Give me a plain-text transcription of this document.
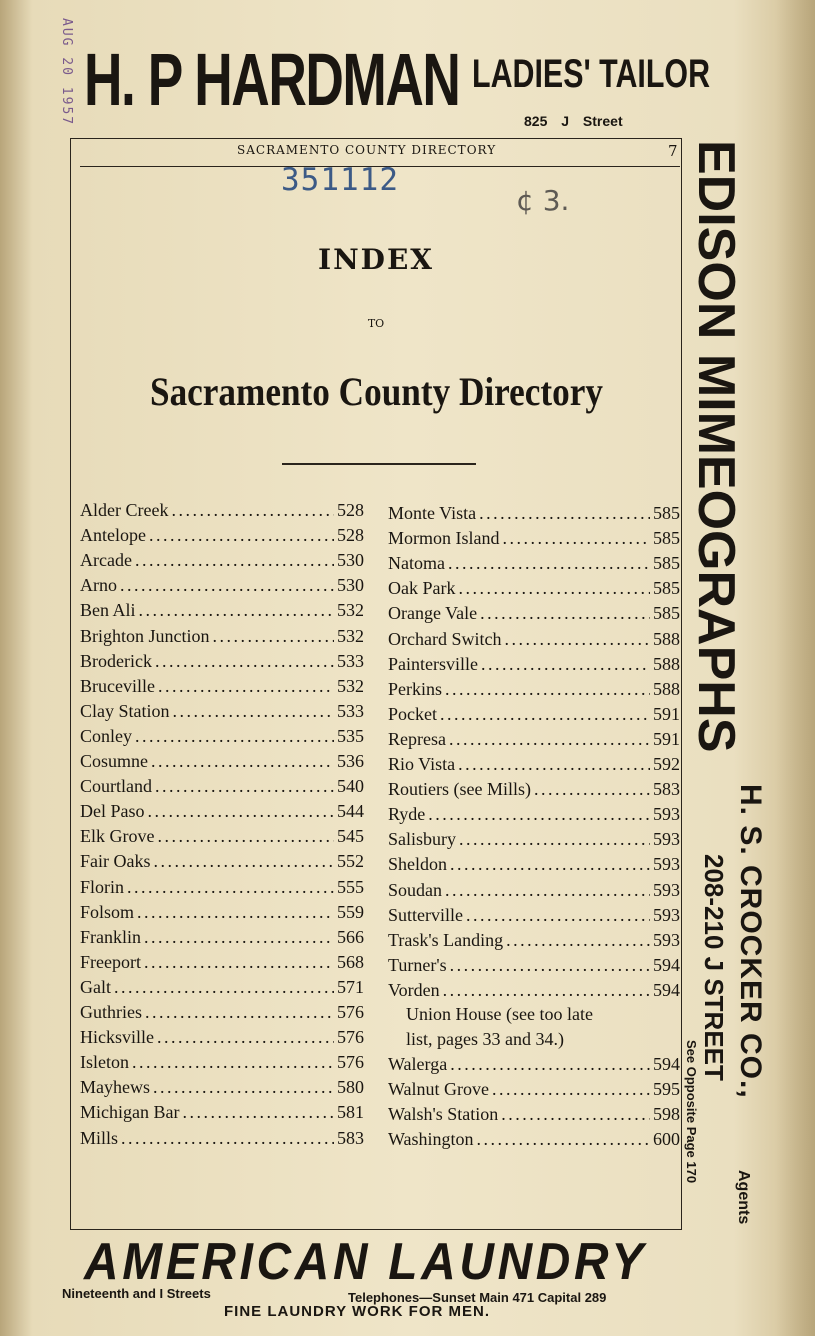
AUG 20 1957 H. P HARDMAN LADIES' TAILOR
825 J Street
SACRAMENTO COUNTY DIRECTORY	7
351112
¢ 3.
INDEX
TO
Sacramento County Directory
Alder Creek . . .	528
Antelope . . .	528
Arcade . . .	530
Arno . . .	530
Ben Ali . . .	532
Brighton Junction . . .	532
Broderick . . .	533
Bruceville . . .	532
Clay Station . . .	533
Conley . . .	535
Cosumne . . .	536
Courtland . . .	540
Del Paso . . .	544
Elk Grove . . .	545
Fair Oaks . . .	552
Florin . . .	555
Folsom . . .	559
Franklin . . .	566
Freeport . . .	568
Galt . . .	571
Guthries . . .	576
Hicksville . . .	576
Isleton . . .	576
Mayhews . . .	580
Michigan Bar . . .	581
Mills . . .	583
Monte Vista . . .	585
Mormon Island . . .	585
Natoma . . .	585
Oak Park . . .	585
Orange Vale . . .	585
Orchard Switch . . .	588
Paintersville . . .	588
Perkins . . .	588
Pocket . . .	591
Represa . . .	591
Rio Vista . . .	592
Routiers (see Mills) . . .	583
Ryde . . .	593
Salisbury . . .	593
Sheldon . . .	593
Soudan . . .	593
Sutterville . . .	593
Trask's Landing . . .	593
Turner's . . .	594
Vorden . . .	594
Walerga . . .	594
Walnut Grove . . .	595
Walsh's Station . . .	598
Washington . . .	600
Union House (see too late
list, pages 33 and 34.)
EDISON MIMEOGRAPHS
H. S. CROCKER CO.,
Agents
208-210 J STREET
See Opposite Page 170
AMERICAN LAUNDRY
Nineteenth and I Streets	Telephones—Sunset Main 471 Capital 289
FINE LAUNDRY WORK FOR MEN.
